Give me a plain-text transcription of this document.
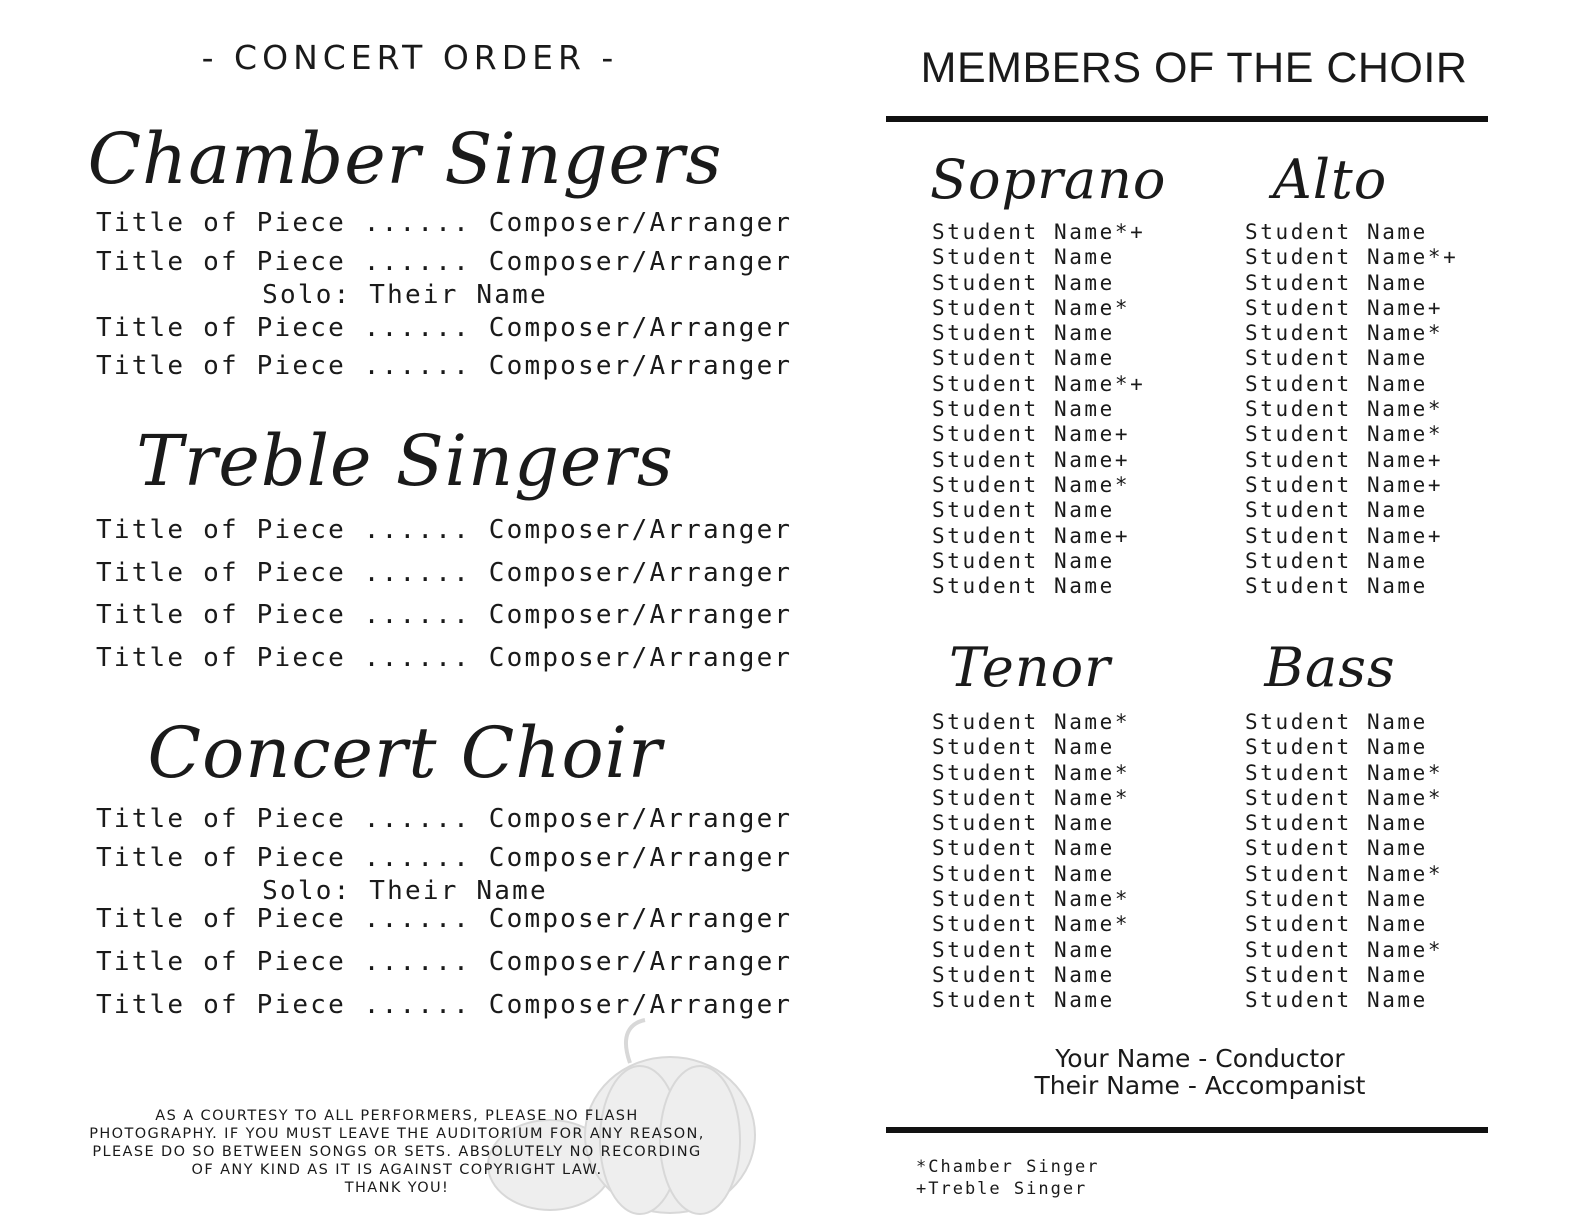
- CONCERT ORDER -
Chamber Singers
Title of Piece ...... Composer/Arranger
Title of Piece ...... Composer/Arranger
Solo: Their Name
Title of Piece ...... Composer/Arranger
Title of Piece ...... Composer/Arranger
Treble Singers
Title of Piece ...... Composer/Arranger
Title of Piece ...... Composer/Arranger
Title of Piece ...... Composer/Arranger
Title of Piece ...... Composer/Arranger
Concert Choir
Title of Piece ...... Composer/Arranger
Title of Piece ...... Composer/Arranger
Solo: Their Name
Title of Piece ...... Composer/Arranger
Title of Piece ...... Composer/Arranger
Title of Piece ...... Composer/Arranger
AS A COURTESY TO ALL PERFORMERS, PLEASE NO FLASH
PHOTOGRAPHY. IF YOU MUST LEAVE THE AUDITORIUM FOR ANY REASON,
PLEASE DO SO BETWEEN SONGS OR SETS. ABSOLUTELY NO RECORDING
OF ANY KIND AS IT IS AGAINST COPYRIGHT LAW.
THANK YOU!
MEMBERS OF THE CHOIR
Soprano	Alto
Student Name*+
Student Name
Student Name
Student Name*
Student Name
Student Name
Student Name*+
Student Name
Student Name+
Student Name+
Student Name*
Student Name
Student Name+
Student Name
Student Name
Student Name
Student Name*+
Student Name
Student Name+
Student Name*
Student Name
Student Name
Student Name*
Student Name*
Student Name+
Student Name+
Student Name
Student Name+
Student Name
Student Name
Tenor	Bass
Student Name*
Student Name
Student Name*
Student Name*
Student Name
Student Name
Student Name
Student Name*
Student Name*
Student Name
Student Name
Student Name
Student Name
Student Name
Student Name*
Student Name*
Student Name
Student Name
Student Name*
Student Name
Student Name
Student Name*
Student Name
Student Name
Your Name - Conductor
Their Name - Accompanist
*Chamber Singer
+Treble Singer
